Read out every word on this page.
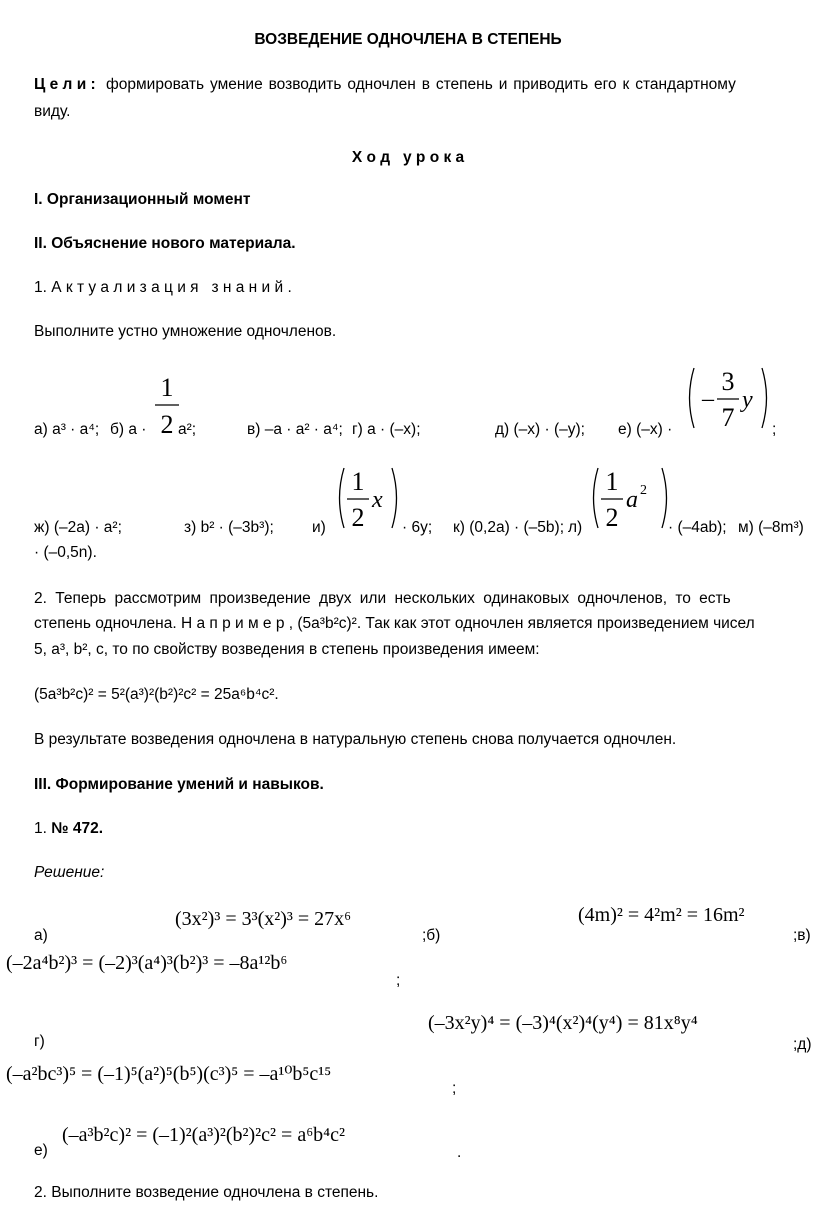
ВОЗВЕДЕНИЕ ОДНОЧЛЕНА В СТЕПЕНЬ
Ц е л и : формировать умение возводить одночлен в степень и приводить его к стандартному
виду.
Х о д   у р о к а
I. Организационный момент
II. Объяснение нового материала.
1. А к т у а л и з а ц и я   з н а н и й .
Выполните устно умножение одночленов.
а) a³ · a⁴; б) a ·
1
2 a²;	в) –a · a² · a⁴; г) a · (–x);	д) (–x) · (–y); е) (–x) ·
–
3
7
y
;
ж) (–2a) · a²;	з) b² · (–3b³); и)
1
2
x
· 6y; к) (0,2a) · (–5b); л)
1
2
a 2
· (–4ab); м) (–8m³)
· (–0,5n).
2. Теперь рассмотрим произведение двух или нескольких одинаковых одночленов, то есть
степень одночлена. Н а п р и м е р , (5a³b²c)². Так как этот одночлен является произведением чисел
5, a³, b², c, то по свойству возведения в степень произведения имеем:
(5a³b²c)² = 5²(a³)²(b²)²c² = 25a⁶b⁴c².
В результате возведения одночлена в натуральную степень снова получается одночлен.
III. Формирование умений и навыков.
1. № 472.
Решение:
а)
(3x²)³ = 3³(x²)³ = 27x⁶
;б)
(4m)² = 4²m² = 16m²
;в)
(–2a⁴b²)³ = (–2)³(a⁴)³(b²)³ = –8a¹²b⁶
;
г)
(–3x²y)⁴ = (–3)⁴(x²)⁴(y⁴) = 81x⁸y⁴
;д)
(–a²bc³)⁵ = (–1)⁵(a²)⁵(b⁵)(c³)⁵ = –a¹⁰b⁵c¹⁵
;
е)
(–a³b²c)² = (–1)²(a³)²(b²)²c² = a⁶b⁴c²
.
2. Выполните возведение одночлена в степень.
